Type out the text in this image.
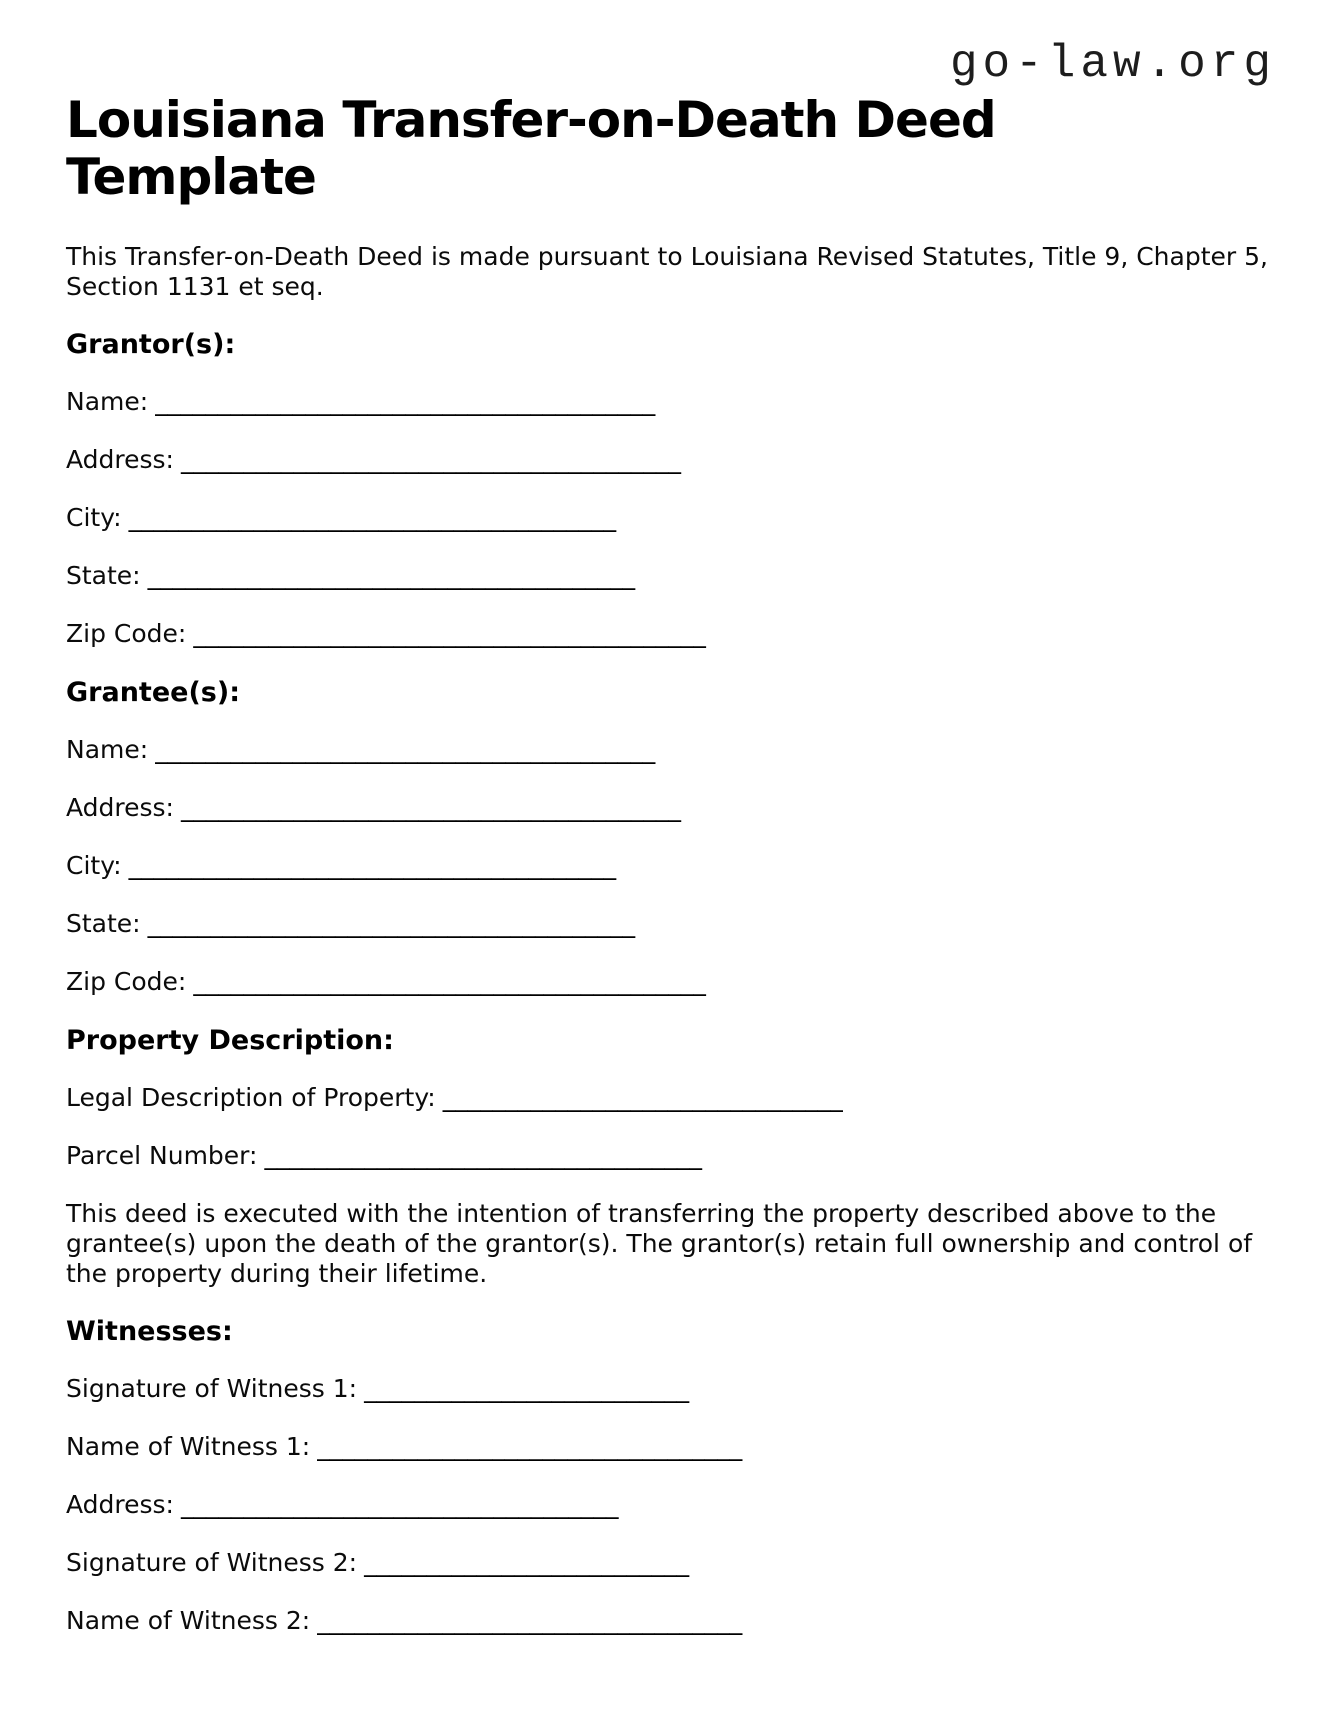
go-law.org
Louisiana Transfer-on-Death Deed Template

This Transfer-on-Death Deed is made pursuant to Louisiana Revised Statutes, Title 9, Chapter 5, Section 1131 et seq.

Grantor(s):
Name: ________________________________________
Address: ________________________________________
City: _______________________________________
State: _______________________________________
Zip Code: _________________________________________
Grantee(s):
Name: ________________________________________
Address: ________________________________________
City: _______________________________________
State: _______________________________________
Zip Code: _________________________________________
Property Description:
Legal Description of Property: ________________________________
Parcel Number: ___________________________________

This deed is executed with the intention of transferring the property described above to the grantee(s) upon the death of the grantor(s). The grantor(s) retain full ownership and control of the property during their lifetime.

Witnesses:
Signature of Witness 1: __________________________
Name of Witness 1: __________________________________
Address: ___________________________________
Signature of Witness 2: __________________________
Name of Witness 2: __________________________________
